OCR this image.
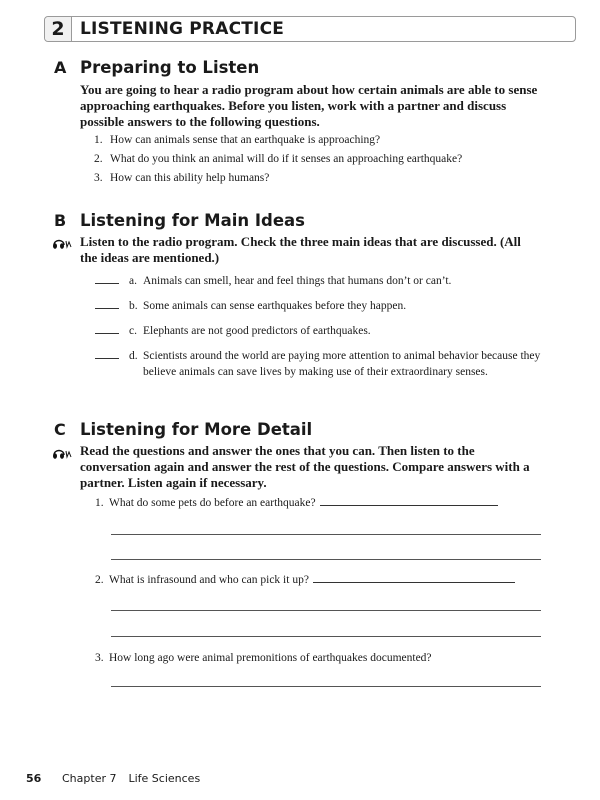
2 LISTENING PRACTICE
A Preparing to Listen
You are going to hear a radio program about how certain animals are able to sense approaching earthquakes. Before you listen, work with a partner and discuss possible answers to the following questions.
1. How can animals sense that an earthquake is approaching?
2. What do you think an animal will do if it senses an approaching earthquake?
3. How can this ability help humans?
B Listening for Main Ideas
Listen to the radio program. Check the three main ideas that are discussed. (All the ideas are mentioned.)
a. Animals can smell, hear and feel things that humans don’t or can’t.
b. Some animals can sense earthquakes before they happen.
c. Elephants are not good predictors of earthquakes.
d. Scientists around the world are paying more attention to animal behavior because they believe animals can save lives by making use of their extraordinary senses.
C Listening for More Detail
Read the questions and answer the ones that you can. Then listen to the conversation again and answer the rest of the questions. Compare answers with a partner. Listen again if necessary.
1. What do some pets do before an earthquake?
2. What is infrasound and who can pick it up?
3. How long ago were animal premonitions of earthquakes documented?
56	Chapter 7 Life Sciences
